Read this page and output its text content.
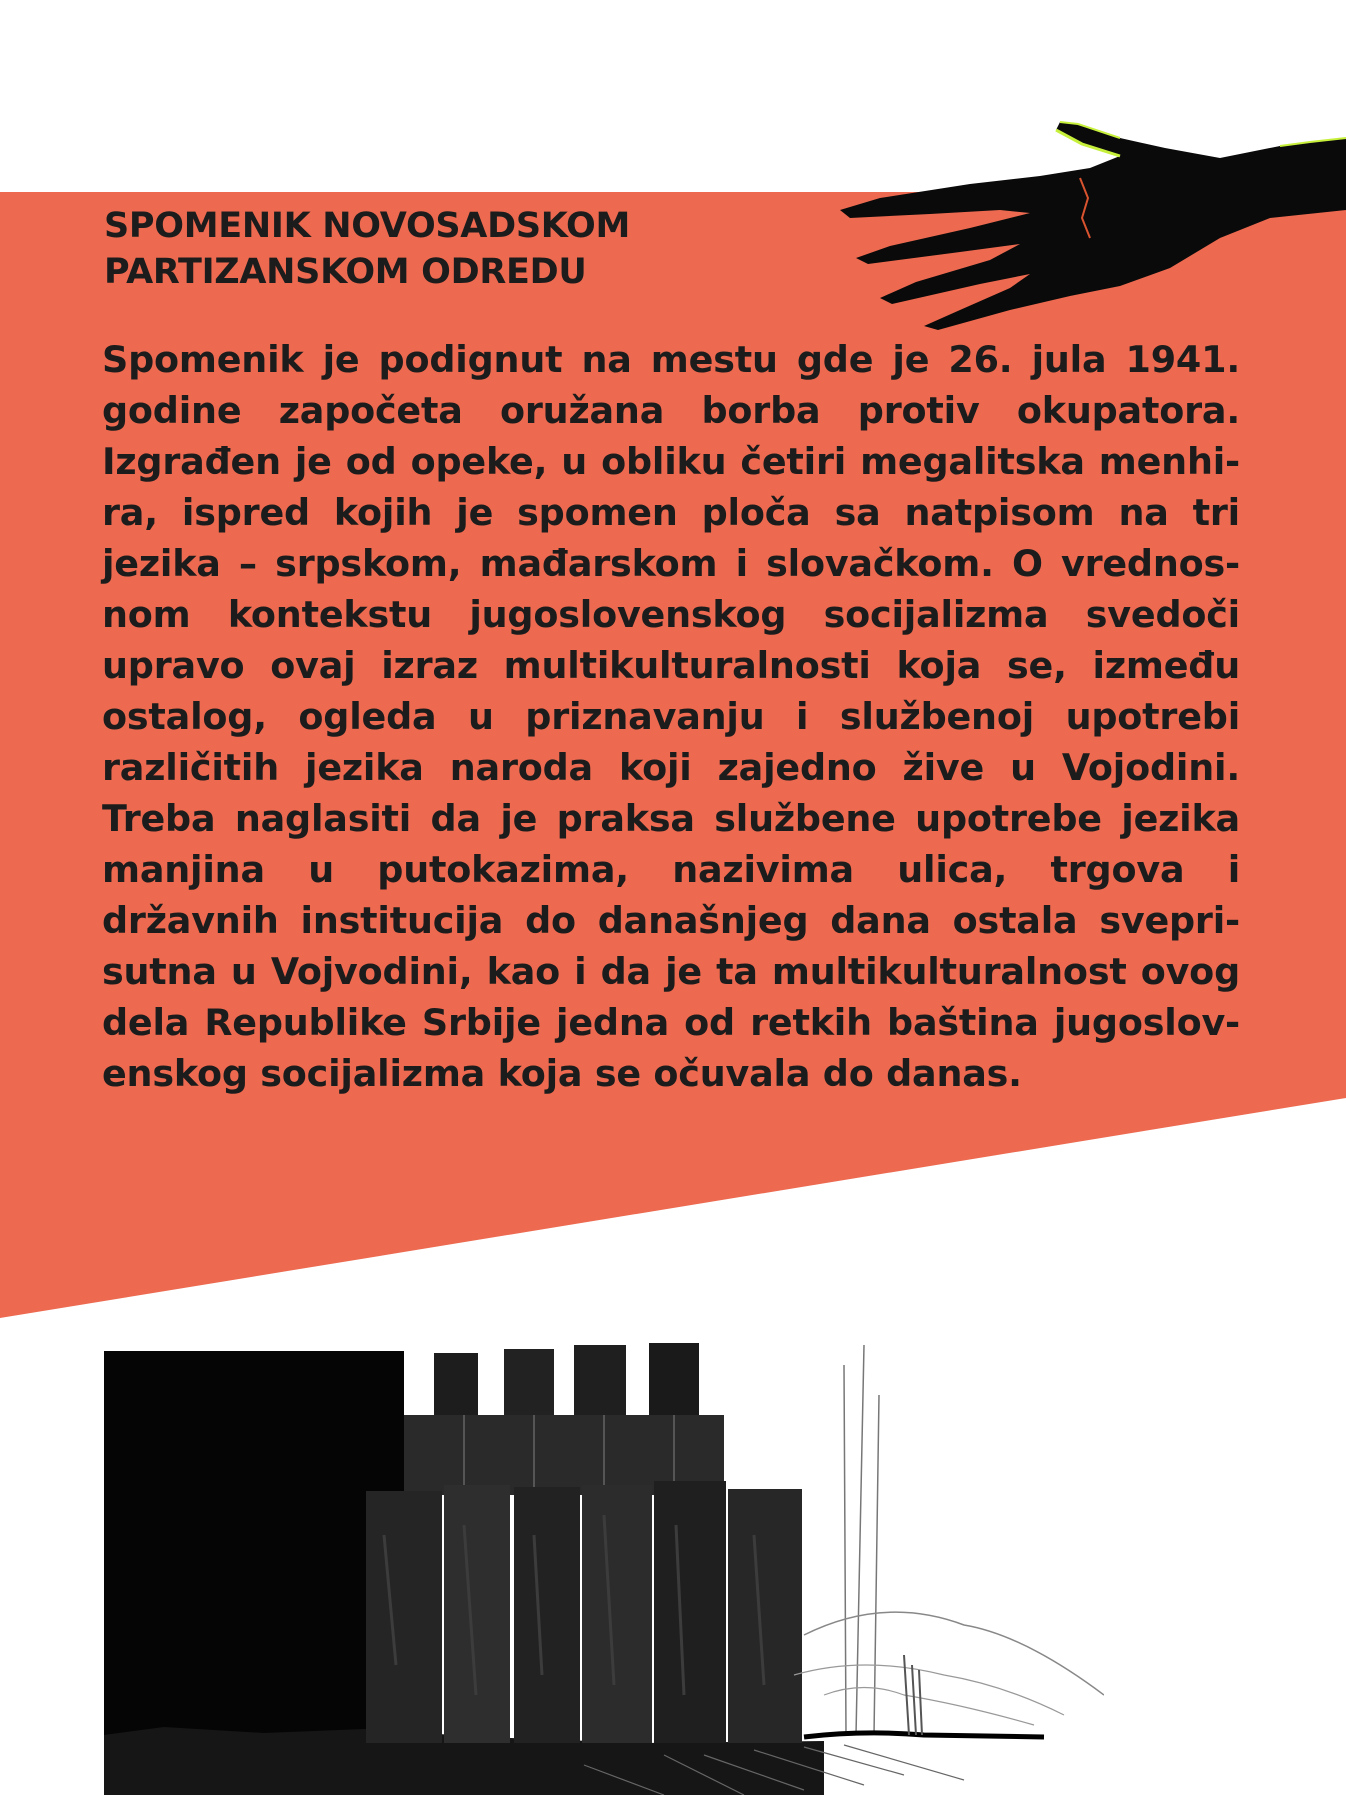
SPOMENIK NOVOSADSKOM
PARTIZANSKOM ODREDU
Spomenik je podignut na mestu gde je 26. jula 1941.
godine započeta oružana borba protiv okupatora.
Izgrađen je od opeke, u obliku četiri megalitska menhi-
ra, ispred kojih je spomen ploča sa natpisom na tri
jezika – srpskom, mađarskom i slovačkom. O vrednos-
nom kontekstu jugoslovenskog socijalizma svedoči
upravo ovaj izraz multikulturalnosti koja se, između
ostalog, ogleda u priznavanju i službenoj upotrebi
različitih jezika naroda koji zajedno žive u Vojodini.
Treba naglasiti da je praksa službene upotrebe jezika
manjina u putokazima, nazivima ulica, trgova i
državnih institucija do današnjeg dana ostala svepri-
sutna u Vojvodini, kao i da je ta multikulturalnost ovog
dela Republike Srbije jedna od retkih baština jugoslov-
enskog socijalizma koja se očuvala do danas.
